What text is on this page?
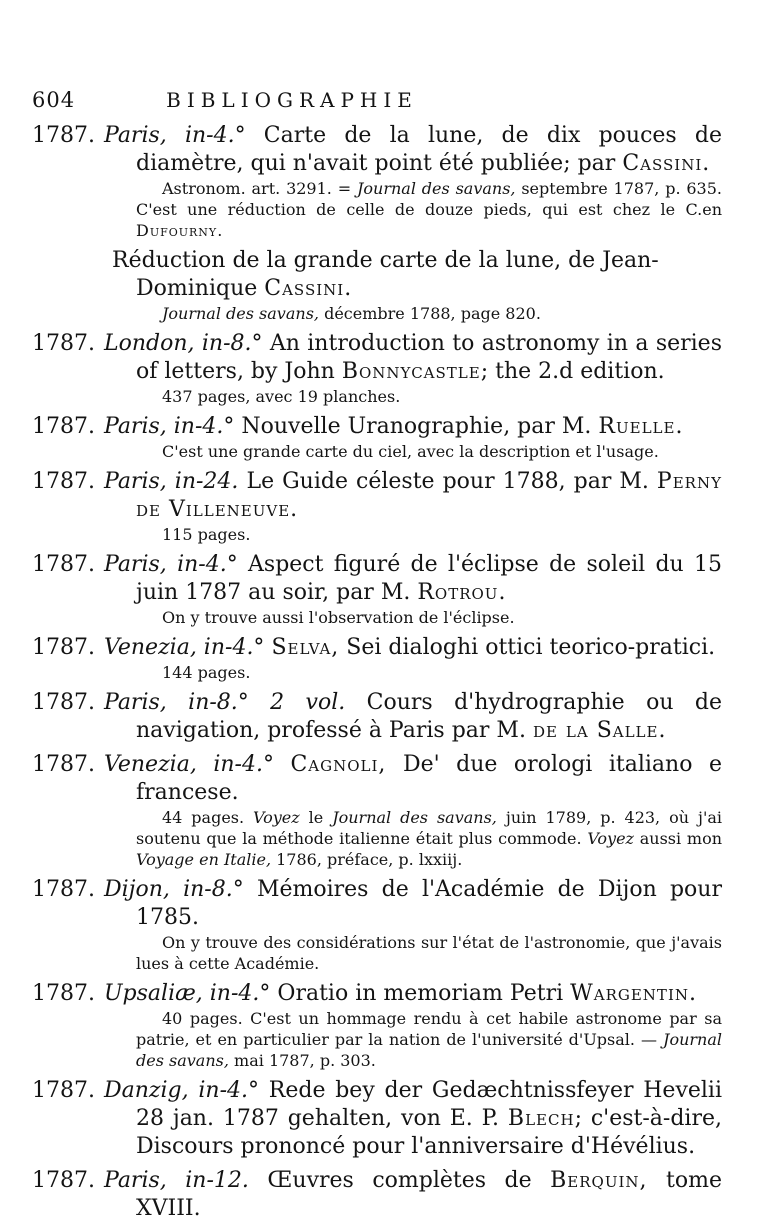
604	BIBLIOGRAPHIE
1787. Paris, in-4.° Carte de la lune, de dix pouces de diamètre, qui n'avait point été publiée; par Cassini.
Astronom. art. 3291. = Journal des savans, septembre 1787, p. 635. C'est une réduction de celle de douze pieds, qui est chez le C.en Dufourny.
Réduction de la grande carte de la lune, de Jean-Dominique Cassini.
Journal des savans, décembre 1788, page 820.
1787. London, in-8.° An introduction to astronomy in a series of letters, by John Bonnycastle; the 2.d edition.
437 pages, avec 19 planches.
1787. Paris, in-4.° Nouvelle Uranographie, par M. Ruelle.
C'est une grande carte du ciel, avec la description et l'usage.
1787. Paris, in-24. Le Guide céleste pour 1788, par M. Perny de Villeneuve.
115 pages.
1787. Paris, in-4.° Aspect figuré de l'éclipse de soleil du 15 juin 1787 au soir, par M. Rotrou.
On y trouve aussi l'observation de l'éclipse.
1787. Venezia, in-4.° Selva, Sei dialoghi ottici teorico-pratici.
144 pages.
1787. Paris, in-8.° 2 vol. Cours d'hydrographie ou de navigation, professé à Paris par M. de la Salle.
1787. Venezia, in-4.° Cagnoli, De' due orologi italiano e francese.
44 pages. Voyez le Journal des savans, juin 1789, p. 423, où j'ai soutenu que la méthode italienne était plus commode. Voyez aussi mon Voyage en Italie, 1786, préface, p. lxxiij.
1787. Dijon, in-8.° Mémoires de l'Académie de Dijon pour 1785.
On y trouve des considérations sur l'état de l'astronomie, que j'avais lues à cette Académie.
1787. Upsaliæ, in-4.° Oratio in memoriam Petri Wargentin.
40 pages. C'est un hommage rendu à cet habile astronome par sa patrie, et en particulier par la nation de l'université d'Upsal. — Journal des savans, mai 1787, p. 303.
1787. Danzig, in-4.° Rede bey der Gedæchtnissfeyer Hevelii 28 jan. 1787 gehalten, von E. P. Blech; c'est-à-dire, Discours prononcé pour l'anniversaire d'Hévélius.
1787. Paris, in-12. Œuvres complètes de Berquin, tome XVIII.
